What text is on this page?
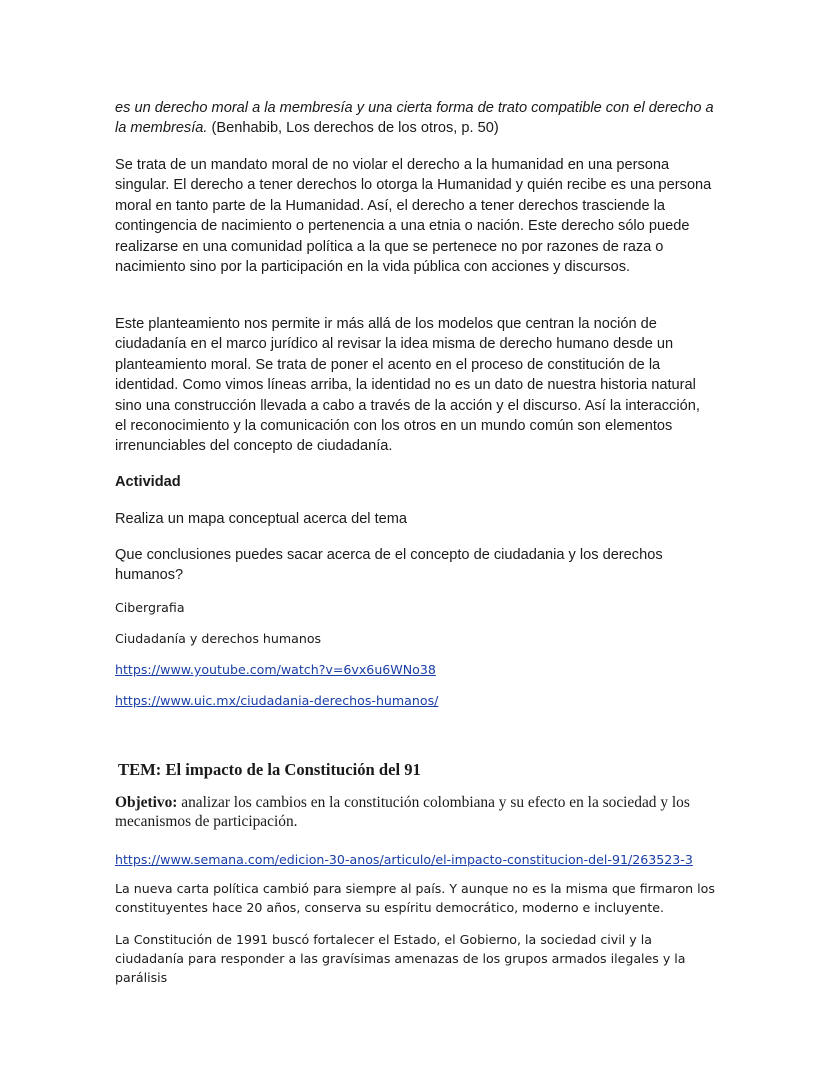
es un derecho moral a la membresía y una cierta forma de trato compatible con el derecho a la membresía. (Benhabib, Los derechos de los otros, p. 50)

Se trata de un mandato moral de no violar el derecho a la humanidad en una persona singular. El derecho a tener derechos lo otorga la Humanidad y quién recibe es una persona moral en tanto parte de la Humanidad. Así, el derecho a tener derechos trasciende la contingencia de nacimiento o pertenencia a una etnia o nación. Este derecho sólo puede realizarse en una comunidad política a la que se pertenece no por razones de raza o nacimiento sino por la participación en la vida pública con acciones y discursos.

Este planteamiento nos permite ir más allá de los modelos que centran la noción de ciudadanía en el marco jurídico al revisar la idea misma de derecho humano desde un planteamiento moral. Se trata de poner el acento en el proceso de constitución de la identidad. Como vimos líneas arriba, la identidad no es un dato de nuestra historia natural sino una construcción llevada a cabo a través de la acción y el discurso. Así la interacción, el reconocimiento y la comunicación con los otros en un mundo común son elementos irrenunciables del concepto de ciudadanía.

Actividad

Realiza un mapa conceptual acerca del tema

Que conclusiones puedes sacar acerca de el concepto de ciudadania y los derechos humanos?

Cibergrafia

Ciudadanía y derechos humanos

https://www.youtube.com/watch?v=6vx6u6WNo38

https://www.uic.mx/ciudadania-derechos-humanos/

TEM: El impacto de la Constitución del 91

Objetivo: analizar los cambios en la constitución colombiana y su efecto en la sociedad y los mecanismos de participación.

https://www.semana.com/edicion-30-anos/articulo/el-impacto-constitucion-del-91/263523-3

La nueva carta política cambió para siempre al país. Y aunque no es la misma que firmaron los constituyentes hace 20 años, conserva su espíritu democrático, moderno e incluyente.

La Constitución de 1991 buscó fortalecer el Estado, el Gobierno, la sociedad civil y la ciudadanía para responder a las gravísimas amenazas de los grupos armados ilegales y la parálisis
